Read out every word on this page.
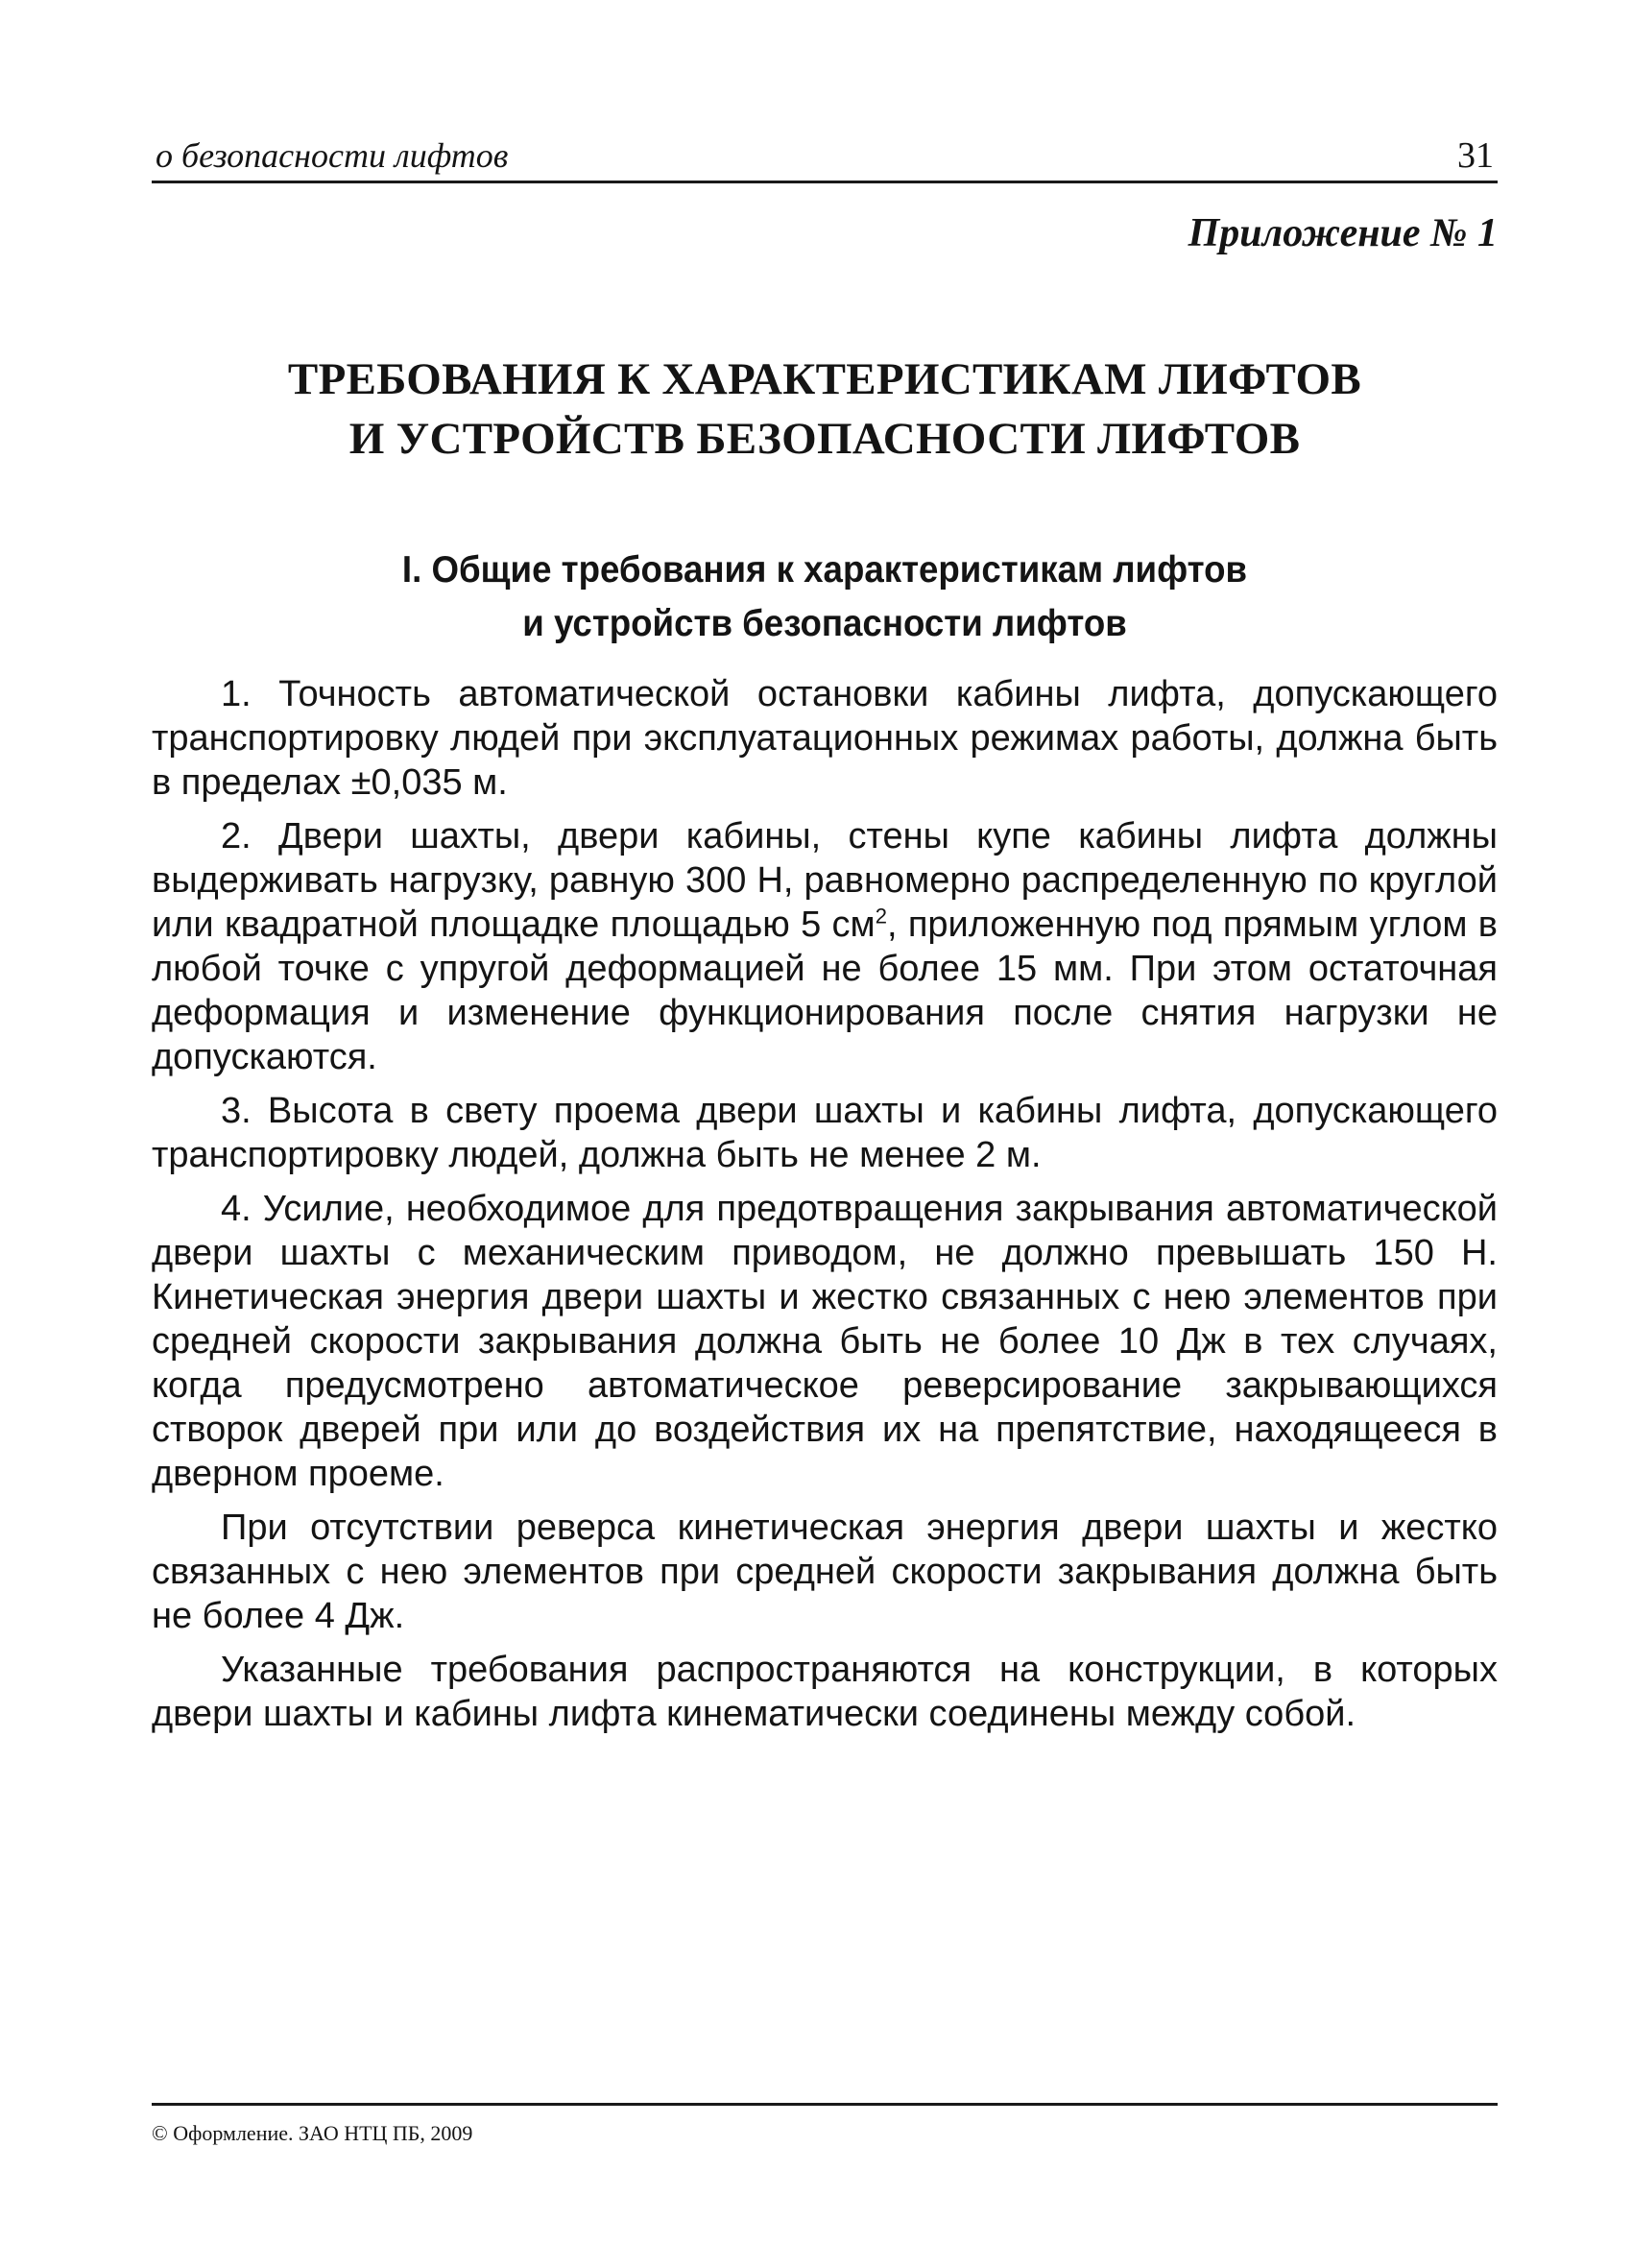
о безопасности лифтов	31
Приложение № 1
ТРЕБОВАНИЯ К ХАРАКТЕРИСТИКАМ ЛИФТОВ
И УСТРОЙСТВ БЕЗОПАСНОСТИ ЛИФТОВ
I. Общие требования к характеристикам лифтов
и устройств безопасности лифтов

1. Точность автоматической остановки кабины лифта, допускающего транспортировку людей при эксплуатационных режимах работы, должна быть в пределах ±0,035 м.

2. Двери шахты, двери кабины, стены купе кабины лифта должны выдерживать нагрузку, равную 300 Н, равномерно распределенную по круглой или квадратной площадке площадью 5 $см^2$, приложенную под прямым углом в любой точке с упругой деформацией не более 15 мм. При этом остаточная деформация и изменение функционирования после снятия нагрузки не допускаются.

3. Высота в свету проема двери шахты и кабины лифта, допускающего транспортировку людей, должна быть не менее 2 м.

4. Усилие, необходимое для предотвращения закрывания автоматической двери шахты с механическим приводом, не должно превышать 150 Н. Кинетическая энергия двери шахты и жестко связанных с нею элементов при средней скорости закрывания должна быть не более 10 Дж в тех случаях, когда предусмотрено автоматическое реверсирование закрывающихся створок дверей при или до воздействия их на препятствие, находящееся в дверном проеме.

При отсутствии реверса кинетическая энергия двери шахты и жестко связанных с нею элементов при средней скорости закрывания должна быть не более 4 Дж.

Указанные требования распространяются на конструкции, в которых двери шахты и кабины лифта кинематически соединены между собой.

© Оформление. ЗАО НТЦ ПБ, 2009
